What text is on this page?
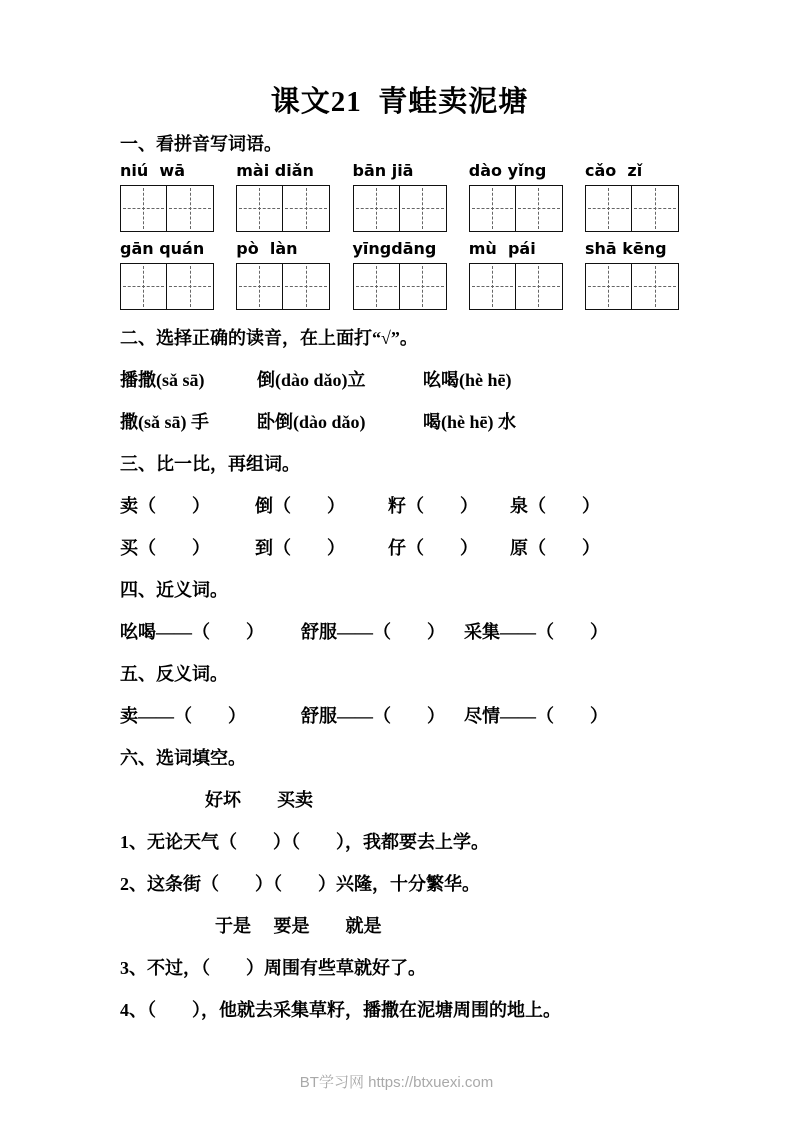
课文21  青蛙卖泥塘
一、看拼音写词语。
niú  wā	mài diǎn	bān jiā	dào yǐng	cǎo  zǐ
gān quán	pò  làn	yīngdāng	mù  pái	shā kēng
二、选择正确的读音，在上面打“√”。
播撒(sǎ sā)	倒(dào dǎo)立	吆喝(hè hē)
撒(sǎ sā) 手	卧倒(dào dǎo)	喝(hè hē) 水
三、比一比，再组词。
卖（　　）	倒（　　）	籽（　　）	泉（　　）
买（　　）	到（　　）	仔（　　）	原（　　）
四、近义词。
吆喝——（　　）	舒服——（　　）	采集——（　　）
五、反义词。
卖——（　　）	舒服——（　　）	尽情——（　　）
六、选词填空。
好坏　　买卖
1、无论天气（　　）（　　），我都要去上学。
2、这条街（　　）（　　）兴隆，十分繁华。
于是　 要是　　就是
3、不过，（　　）周围有些草就好了。
4、（　　），他就去采集草籽，播撒在泥塘周围的地上。
BT学习网 https://btxuexi.com
